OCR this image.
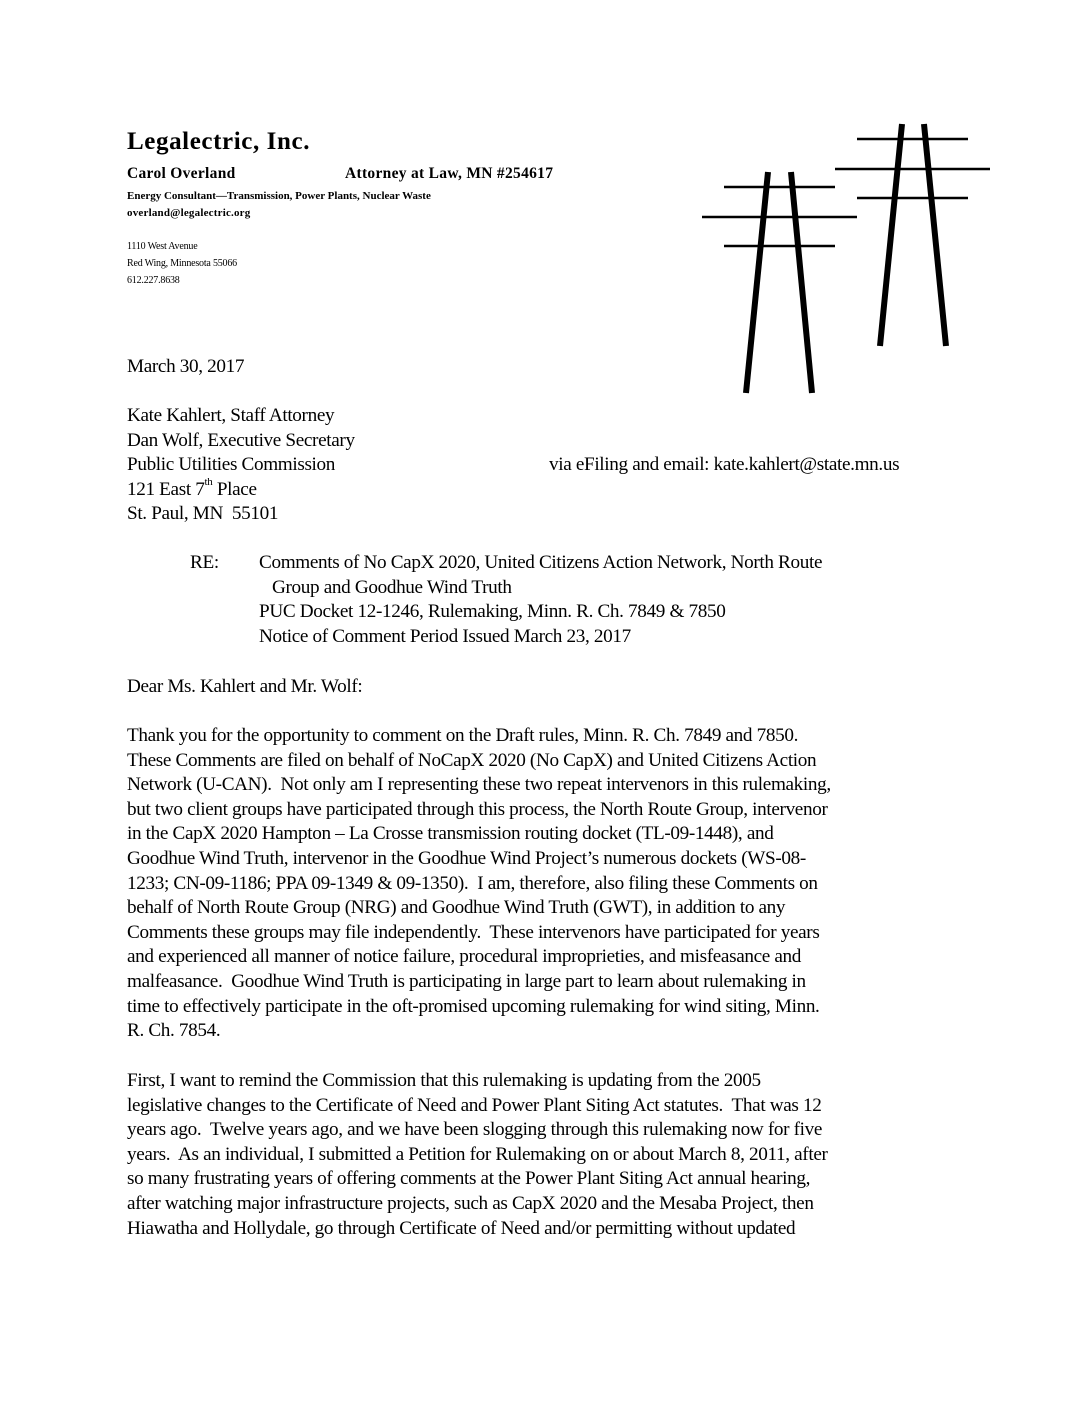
Legalectric, Inc.
Carol Overland	Attorney at Law, MN #254617
Energy Consultant—Transmission, Power Plants, Nuclear Waste
overland@legalectric.org
1110 West Avenue
Red Wing, Minnesota 55066
612.227.8638
March 30, 2017
Kate Kahlert, Staff Attorney
Dan Wolf, Executive Secretary
Public Utilities Commission
121 East 7th Place
St. Paul, MN  55101
via eFiling and email: kate.kahlert@state.mn.us
RE: Comments of No CapX 2020, United Citizens Action Network, North Route
Group and Goodhue Wind Truth
PUC Docket 12-1246, Rulemaking, Minn. R. Ch. 7849 & 7850
Notice of Comment Period Issued March 23, 2017
Dear Ms. Kahlert and Mr. Wolf:
Thank you for the opportunity to comment on the Draft rules, Minn. R. Ch. 7849 and 7850.
These Comments are filed on behalf of NoCapX 2020 (No CapX) and United Citizens Action
Network (U-CAN).  Not only am I representing these two repeat intervenors in this rulemaking,
but two client groups have participated through this process, the North Route Group, intervenor
in the CapX 2020 Hampton – La Crosse transmission routing docket (TL-09-1448), and
Goodhue Wind Truth, intervenor in the Goodhue Wind Project’s numerous dockets (WS-08-
1233; CN-09-1186; PPA 09-1349 & 09-1350).  I am, therefore, also filing these Comments on
behalf of North Route Group (NRG) and Goodhue Wind Truth (GWT), in addition to any
Comments these groups may file independently.  These intervenors have participated for years
and experienced all manner of notice failure, procedural improprieties, and misfeasance and
malfeasance.  Goodhue Wind Truth is participating in large part to learn about rulemaking in
time to effectively participate in the oft-promised upcoming rulemaking for wind siting, Minn.
R. Ch. 7854.
First, I want to remind the Commission that this rulemaking is updating from the 2005
legislative changes to the Certificate of Need and Power Plant Siting Act statutes.  That was 12
years ago.  Twelve years ago, and we have been slogging through this rulemaking now for five
years.  As an individual, I submitted a Petition for Rulemaking on or about March 8, 2011, after
so many frustrating years of offering comments at the Power Plant Siting Act annual hearing,
after watching major infrastructure projects, such as CapX 2020 and the Mesaba Project, then
Hiawatha and Hollydale, go through Certificate of Need and/or permitting without updated
